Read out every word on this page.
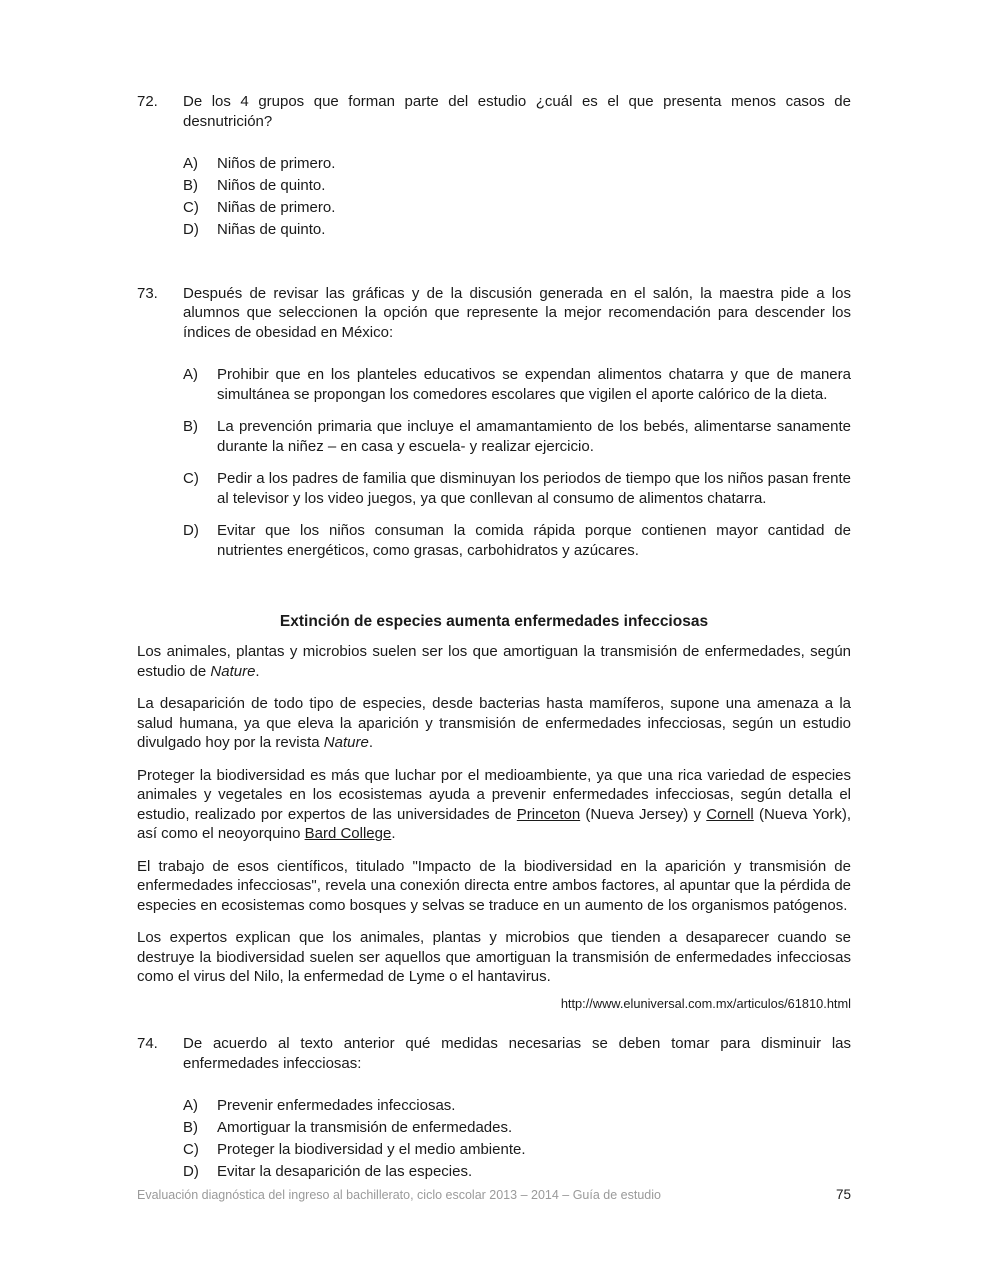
72.	De los 4 grupos que forman parte del estudio ¿cuál es el que presenta menos casos de desnutrición?
A)	Niños de primero.
B)	Niños de quinto.
C)	Niñas de primero.
D)	Niñas de quinto.
73.	Después de revisar las gráficas y de la discusión generada en el salón, la maestra pide a los alumnos que seleccionen la opción que represente la mejor recomendación para descender los índices de obesidad en México:
A)	Prohibir que en los planteles educativos se expendan alimentos chatarra y que de manera simultánea se propongan los comedores escolares que vigilen el aporte calórico de la dieta.
B)	La prevención primaria que incluye el amamantamiento de los bebés, alimentarse sanamente durante la niñez – en casa y escuela- y realizar ejercicio.
C)	Pedir a los padres de familia que disminuyan los periodos de tiempo que los niños pasan frente al televisor y los video juegos, ya que conllevan al consumo de alimentos chatarra.
D)	Evitar que los niños consuman la comida rápida porque contienen mayor cantidad de nutrientes energéticos, como grasas, carbohidratos y azúcares.
Extinción de especies aumenta enfermedades infecciosas

Los animales, plantas y microbios suelen ser los que amortiguan la transmisión de enfermedades, según estudio de Nature.

La desaparición de todo tipo de especies, desde bacterias hasta mamíferos, supone una amenaza a la salud humana, ya que eleva la aparición y transmisión de enfermedades infecciosas, según un estudio divulgado hoy por la revista Nature.

Proteger la biodiversidad es más que luchar por el medioambiente, ya que una rica variedad de especies animales y vegetales en los ecosistemas ayuda a prevenir enfermedades infecciosas, según detalla el estudio, realizado por expertos de las universidades de Princeton (Nueva Jersey) y Cornell (Nueva York), así como el neoyorquino Bard College.

El trabajo de esos científicos, titulado "Impacto de la biodiversidad en la aparición y transmisión de enfermedades infecciosas", revela una conexión directa entre ambos factores, al apuntar que la pérdida de especies en ecosistemas como bosques y selvas se traduce en un aumento de los organismos patógenos.

Los expertos explican que los animales, plantas y microbios que tienden a desaparecer cuando se destruye la biodiversidad suelen ser aquellos que amortiguan la transmisión de enfermedades infecciosas como el virus del Nilo, la enfermedad de Lyme o el hantavirus.

http://www.eluniversal.com.mx/articulos/61810.html
74.	De acuerdo al texto anterior qué medidas necesarias se deben tomar para disminuir las enfermedades infecciosas:
A)	Prevenir enfermedades infecciosas.
B)	Amortiguar la transmisión de enfermedades.
C)	Proteger la biodiversidad y el medio ambiente.
D)	Evitar la desaparición de las especies.
Evaluación diagnóstica del ingreso al bachillerato, ciclo escolar 2013 – 2014 – Guía de estudio	75
